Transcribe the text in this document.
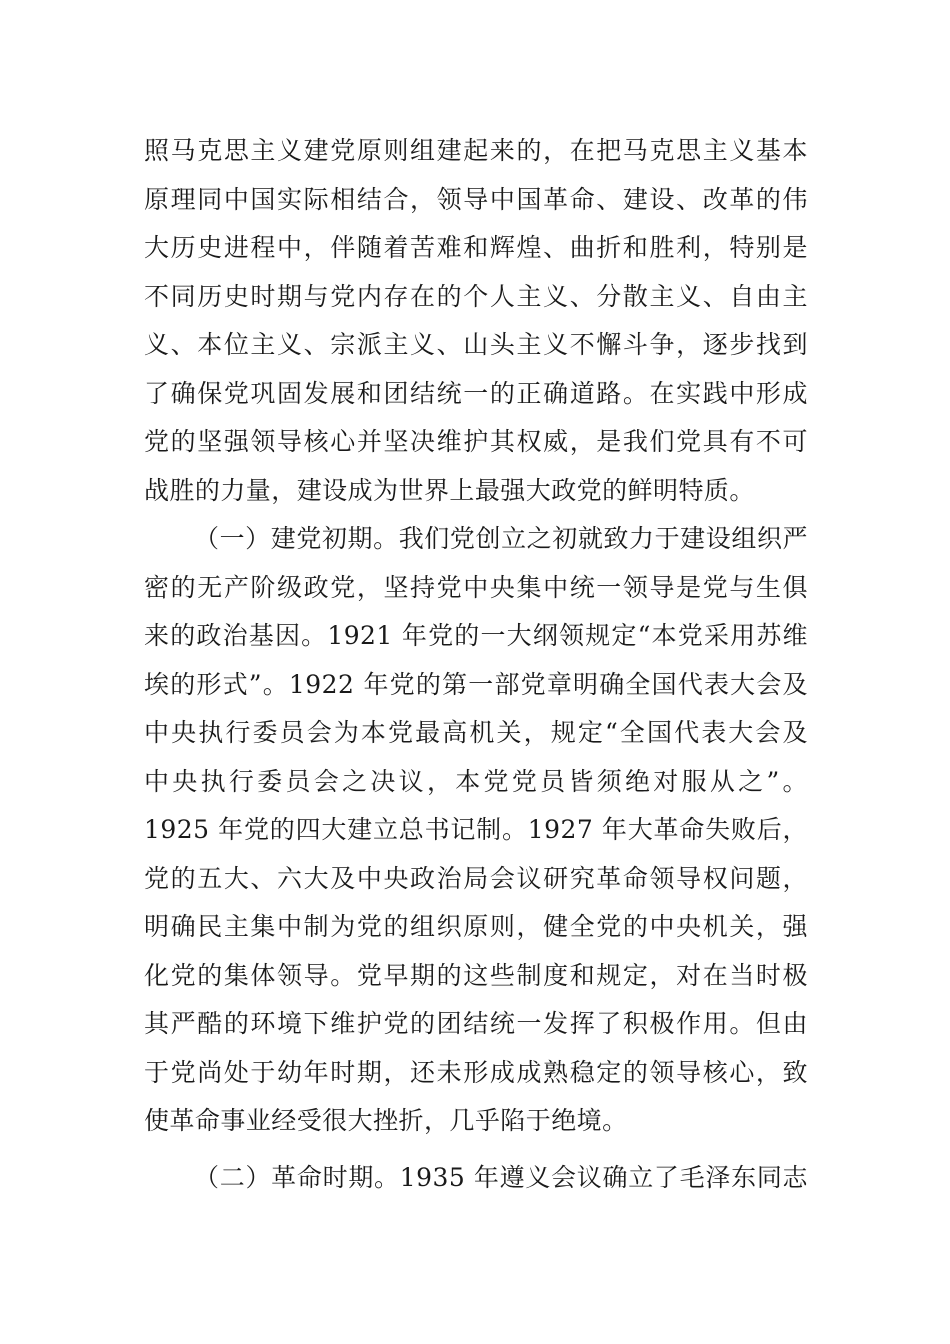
照马克思主义建党原则组建起来的，在把马克思主义基本
原理同中国实际相结合，领导中国革命、建设、改革的伟
大历史进程中，伴随着苦难和辉煌、曲折和胜利，特别是
不同历史时期与党内存在的个人主义、分散主义、自由主
义、本位主义、宗派主义、山头主义不懈斗争，逐步找到
了确保党巩固发展和团结统一的正确道路。在实践中形成
党的坚强领导核心并坚决维护其权威，是我们党具有不可
战胜的力量，建设成为世界上最强大政党的鲜明特质。
（一）建党初期。我们党创立之初就致力于建设组织严
密的无产阶级政党，坚持党中央集中统一领导是党与生俱
来的政治基因。1921 年党的一大纲领规定“本党采用苏维
埃的形式”。1922 年党的第一部党章明确全国代表大会及
中央执行委员会为本党最高机关，规定“全国代表大会及
中央执行委员会之决议，本党党员皆须绝对服从之”。
1925 年党的四大建立总书记制。1927 年大革命失败后，
党的五大、六大及中央政治局会议研究革命领导权问题，
明确民主集中制为党的组织原则，健全党的中央机关，强
化党的集体领导。党早期的这些制度和规定，对在当时极
其严酷的环境下维护党的团结统一发挥了积极作用。但由
于党尚处于幼年时期，还未形成成熟稳定的领导核心，致
使革命事业经受很大挫折，几乎陷于绝境。
（二）革命时期。1935 年遵义会议确立了毛泽东同志
